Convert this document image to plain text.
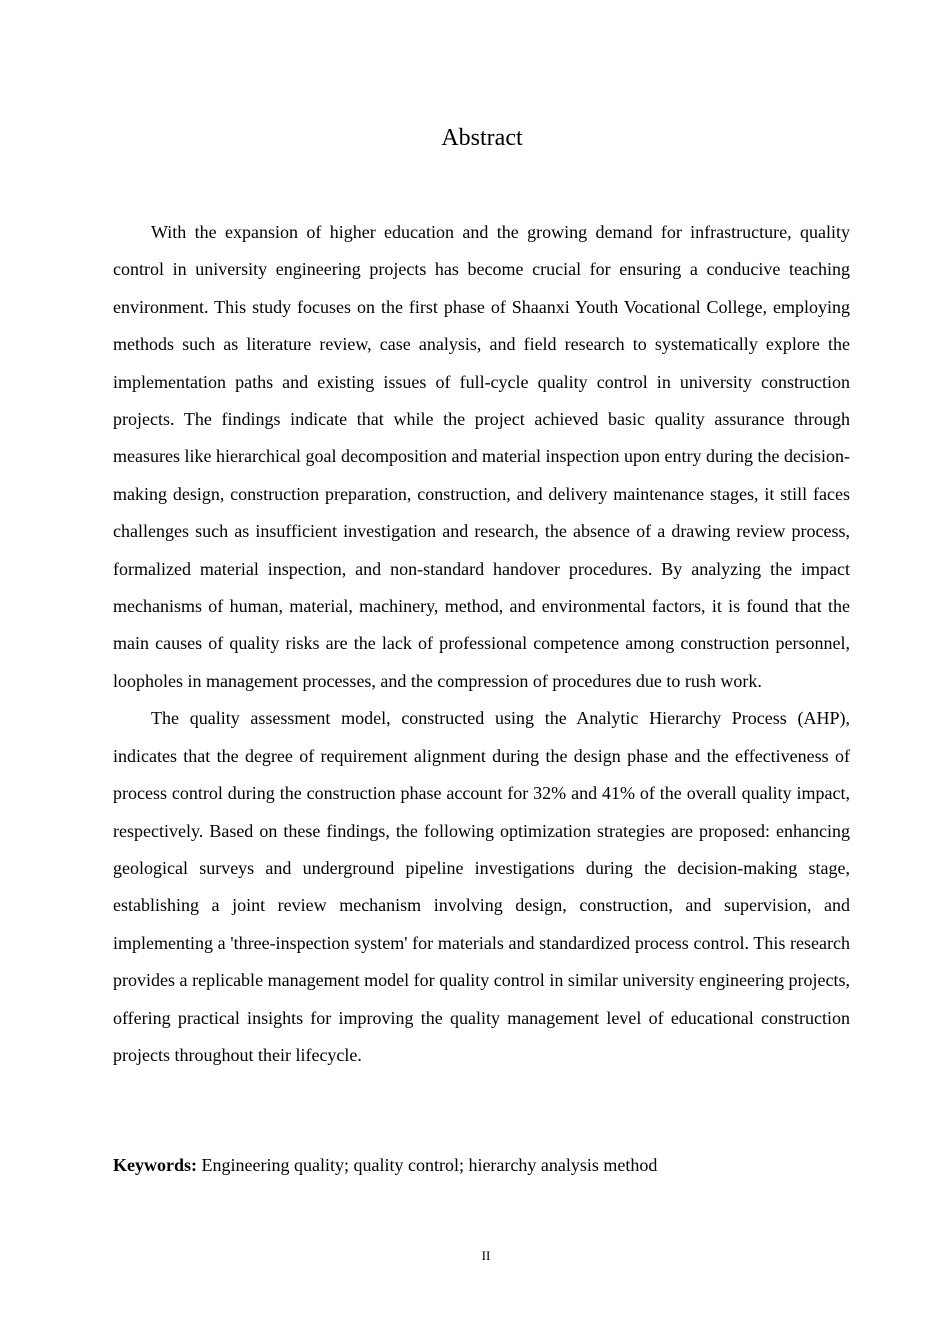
Abstract

With the expansion of higher education and the growing demand for infrastructure, quality control in university engineering projects has become crucial for ensuring a conducive teaching environment. This study focuses on the first phase of Shaanxi Youth Vocational College, employing methods such as literature review, case analysis, and field research to systematically explore the implementation paths and existing issues of full-cycle quality control in university construction projects. The findings indicate that while the project achieved basic quality assurance through measures like hierarchical goal decomposition and material inspection upon entry during the decision-making design, construction preparation, construction, and delivery maintenance stages, it still faces challenges such as insufficient investigation and research, the absence of a drawing review process, formalized material inspection, and non-standard handover procedures. By analyzing the impact mechanisms of human, material, machinery, method, and environmental factors, it is found that the main causes of quality risks are the lack of professional competence among construction personnel, loopholes in management processes, and the compression of procedures due to rush work.

The quality assessment model, constructed using the Analytic Hierarchy Process (AHP), indicates that the degree of requirement alignment during the design phase and the effectiveness of process control during the construction phase account for 32% and 41% of the overall quality impact, respectively. Based on these findings, the following optimization strategies are proposed: enhancing geological surveys and underground pipeline investigations during the decision-making stage, establishing a joint review mechanism involving design, construction, and supervision, and implementing a 'three-inspection system' for materials and standardized process control. This research provides a replicable management model for quality control in similar university engineering projects, offering practical insights for improving the quality management level of educational construction projects throughout their lifecycle.

Keywords: Engineering quality; quality control; hierarchy analysis method
II
